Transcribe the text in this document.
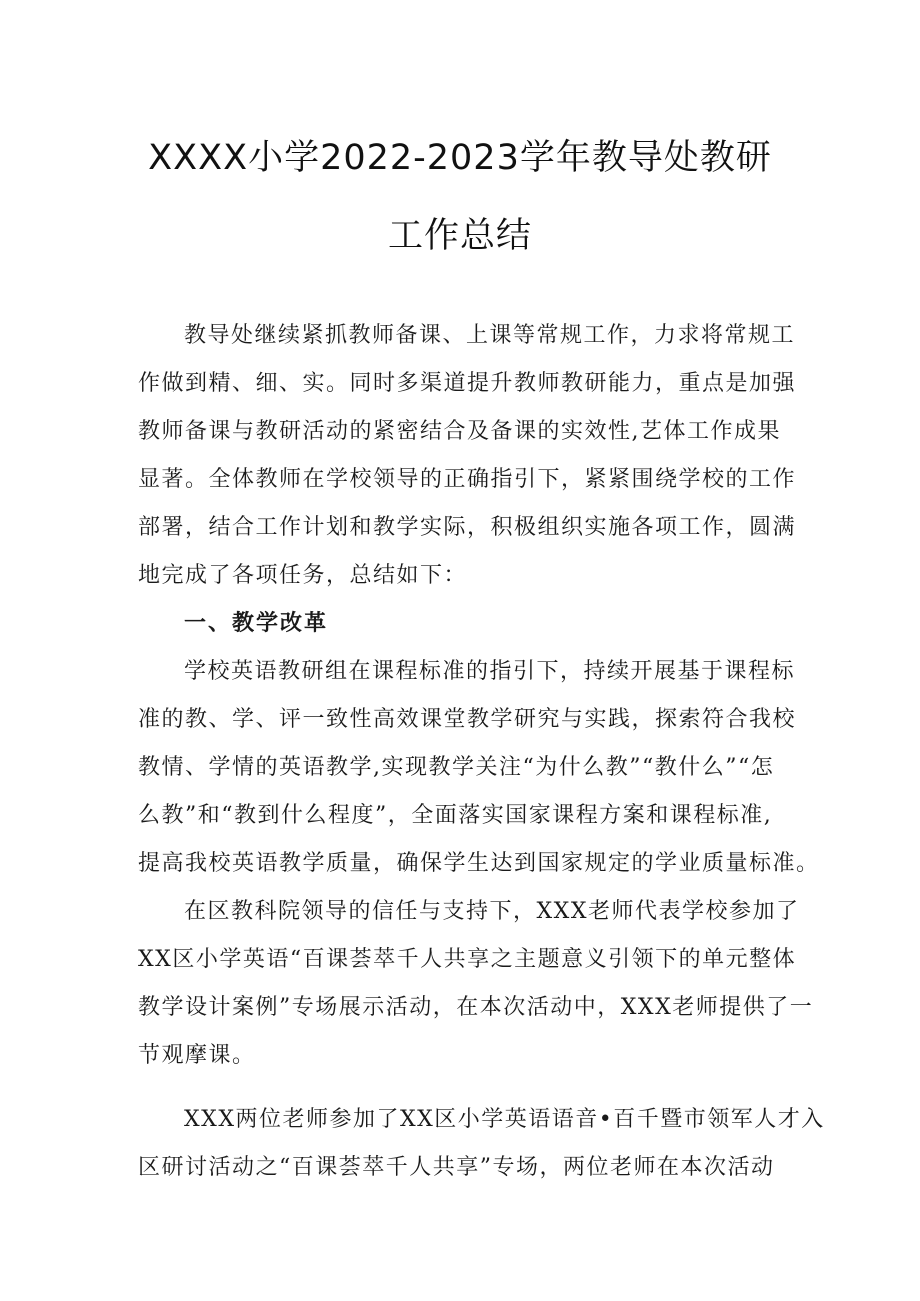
XXXX小学2022-2023学年教导处教研
工作总结
教导处继续紧抓教师备课、上课等常规工作，力求将常规工
作做到精、细、实。同时多渠道提升教师教研能力，重点是加强
教师备课与教研活动的紧密结合及备课的实效性,艺体工作成果
显著。全体教师在学校领导的正确指引下，紧紧围绕学校的工作
部署，结合工作计划和教学实际，积极组织实施各项工作，圆满
地完成了各项任务，总结如下：
一、教学改革
学校英语教研组在课程标准的指引下，持续开展基于课程标
准的教、学、评一致性高效课堂教学研究与实践，探索符合我校
教情、学情的英语教学,实现教学关注“为什么教”“教什么”“怎
么教”和“教到什么程度”，全面落实国家课程方案和课程标准,
提高我校英语教学质量，确保学生达到国家规定的学业质量标准。
在区教科院领导的信任与支持下，XXX老师代表学校参加了
XX区小学英语“百课荟萃千人共享之主题意义引领下的单元整体
教学设计案例”专场展示活动，在本次活动中，XXX老师提供了一
节观摩课。
XXX两位老师参加了XX区小学英语语音•百千暨市领军人才入
区研讨活动之“百课荟萃千人共享”专场，两位老师在本次活动
